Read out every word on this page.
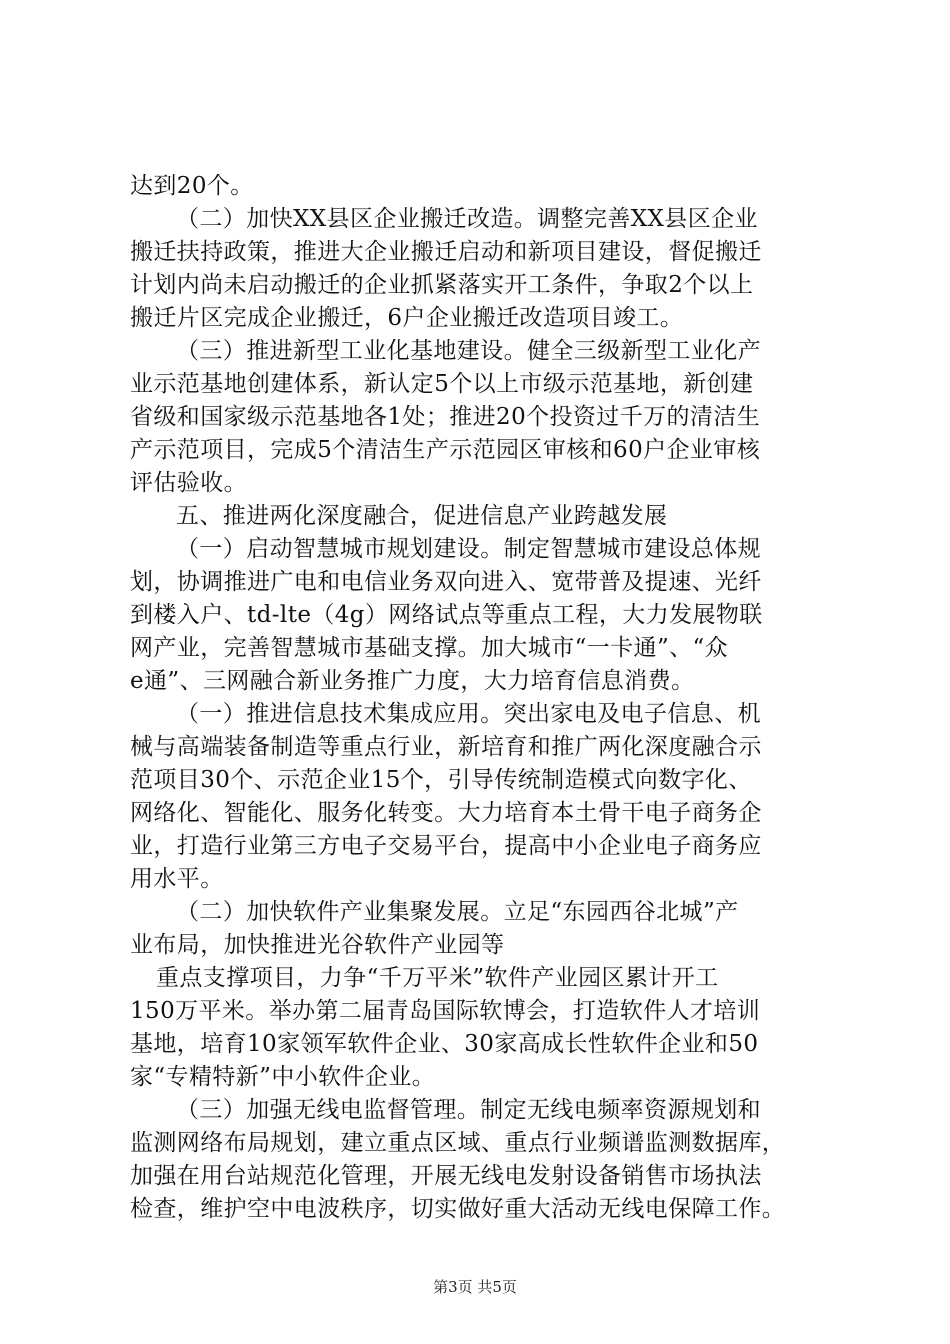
达到20个。
（二）加快XX县区企业搬迁改造。调整完善XX县区企业
搬迁扶持政策，推进大企业搬迁启动和新项目建设，督促搬迁
计划内尚未启动搬迁的企业抓紧落实开工条件，争取2个以上
搬迁片区完成企业搬迁，6户企业搬迁改造项目竣工。
（三）推进新型工业化基地建设。健全三级新型工业化产
业示范基地创建体系，新认定5个以上市级示范基地，新创建
省级和国家级示范基地各1处；推进20个投资过千万的清洁生
产示范项目，完成5个清洁生产示范园区审核和60户企业审核
评估验收。
五、推进两化深度融合，促进信息产业跨越发展
（一）启动智慧城市规划建设。制定智慧城市建设总体规
划，协调推进广电和电信业务双向进入、宽带普及提速、光纤
到楼入户、td-lte（4g）网络试点等重点工程，大力发展物联
网产业，完善智慧城市基础支撑。加大城市“一卡通”、“众
e通”、三网融合新业务推广力度，大力培育信息消费。
（一）推进信息技术集成应用。突出家电及电子信息、机
械与高端装备制造等重点行业，新培育和推广两化深度融合示
范项目30个、示范企业15个，引导传统制造模式向数字化、
网络化、智能化、服务化转变。大力培育本土骨干电子商务企
业，打造行业第三方电子交易平台，提高中小企业电子商务应
用水平。
（二）加快软件产业集聚发展。立足“东园西谷北城”产
业布局，加快推进光谷软件产业园等
重点支撑项目，力争“千万平米”软件产业园区累计开工
150万平米。举办第二届青岛国际软博会，打造软件人才培训
基地，培育10家领军软件企业、30家高成长性软件企业和50
家“专精特新”中小软件企业。
（三）加强无线电监督管理。制定无线电频率资源规划和
监测网络布局规划，建立重点区域、重点行业频谱监测数据库，
加强在用台站规范化管理，开展无线电发射设备销售市场执法
检查，维护空中电波秩序，切实做好重大活动无线电保障工作。
第3页 共5页
